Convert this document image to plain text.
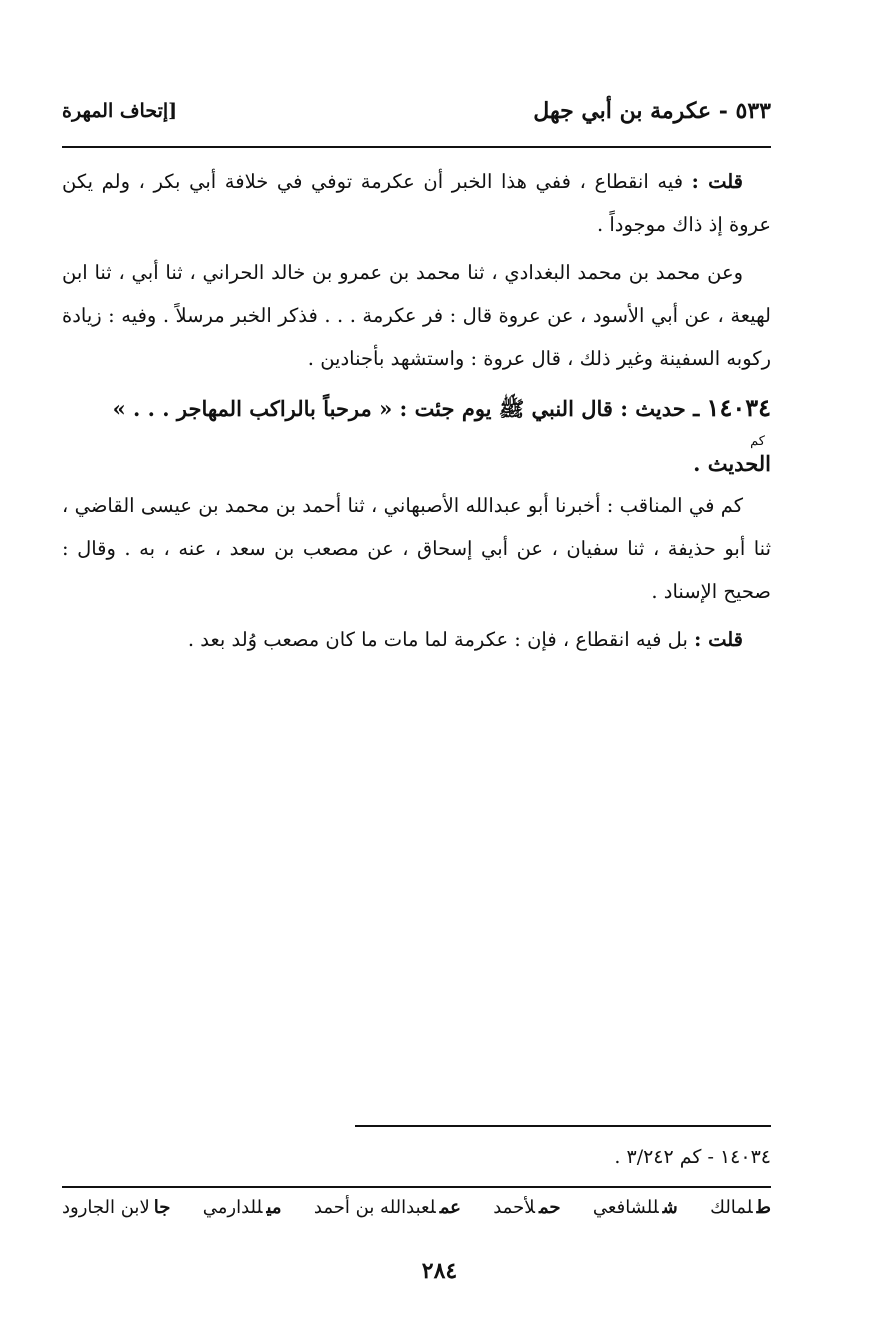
٥٣٣ - عكرمة بن أبي جهل
[إتحاف المهرة

قلت : فيه انقطاع ، ففي هذا الخبر أن عكرمة توفي في خلافة أبي بكر ، ولم يكن عروة إذ ذاك موجوداً .

وعن محمد بن محمد البغدادي ، ثنا محمد بن عمرو بن خالد الحراني ، ثنا أبي ، ثنا ابن لهيعة ، عن أبي الأسود ، عن عروة قال : فر عكرمة . . . فذكر الخبر مرسلاً . وفيه : زيادة ركوبه السفينة وغير ذلك ، قال عروة : واستشهد بأجنادين .

١٤٠٣٤ ـ حديث : قال النبي ﷺ يوم جئت : « مرحباً بالراكب المهاجر . . . »

كم
الحديث .

كم في المناقب : أخبرنا أبو عبدالله الأصبهاني ، ثنا أحمد بن محمد بن عيسى القاضي ، ثنا أبو حذيفة ، ثنا سفيان ، عن أبي إسحاق ، عن مصعب بن سعد ، عنه ، به . وقال : صحيح الإسناد .

قلت : بل فيه انقطاع ، فإن : عكرمة لما مات ما كان مصعب وُلد بعد .

١٤٠٣٤ - كم ٣/٢٤٢ .
طلمالك
شللشافعي
حملأحمد
عملعبدالله بن أحمد
ميللدارمي
جالابن الجارود
٢٨٤
